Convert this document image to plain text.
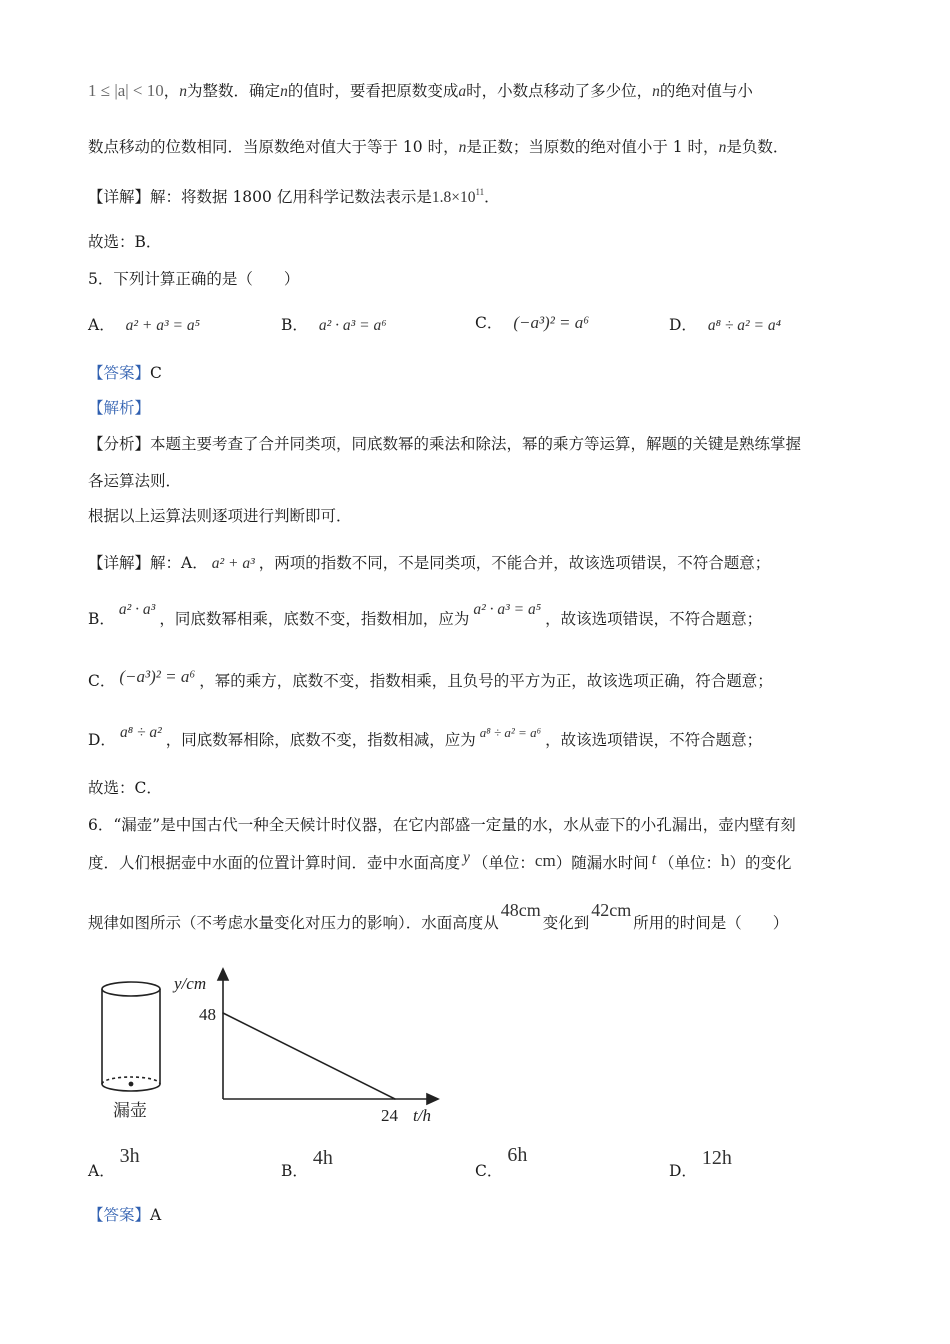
1 ≤ |a| < 10，n为整数．确定n的值时，要看把原数变成a时，小数点移动了多少位，n的绝对值与小
数点移动的位数相同．当原数绝对值大于等于 10 时，n是正数；当原数的绝对值小于 1 时，n是负数．
【详解】解：将数据 1800 亿用科学记数法表示是$1.8\times 10^{11}$．
故选：B．
5．下列计算正确的是（　　）
A． a² + a³ = a⁵	B． a² · a³ = a⁶	C． (−a³)² = a⁶	D． a⁸ ÷ a² = a⁴
【答案】C
【解析】
【分析】本题主要考查了合并同类项，同底数幂的乘法和除法，幂的乘方等运算，解题的关键是熟练掌握
各运算法则．
根据以上运算法则逐项进行判断即可．
【详解】解：A． a² + a³ ，两项的指数不同，不是同类项，不能合并，故该选项错误，不符合题意；
B．a² · a³，同底数幂相乘，底数不变，指数相加，应为a² · a³ = a⁵，故该选项错误，不符合题意；
C． (−a³)² = a⁶ ，幂的乘方，底数不变，指数相乘，且负号的平方为正，故该选项正确，符合题意；
D． a⁸ ÷ a² ，同底数幂相除，底数不变，指数相减，应为 $^{a^8 \div a^2 = a^6}$ ，故该选项错误，不符合题意；
故选：C．
6．“漏壶”是中国古代一种全天候计时仪器，在它内部盛一定量的水，水从壶下的小孔漏出，壶内壁有刻
度．人们根据壶中水面的位置计算时间．壶中水面高度 y （单位：cm）随漏水时间 t （单位：h）的变化
规律如图所示（不考虑水量变化对压力的影响）．水面高度从48cm变化到42cm所用的时间是（　　）
漏壶
y/cm
48
24 t/h
A． 3h
B． 4h
C． 6h
D． 12h
【答案】A
